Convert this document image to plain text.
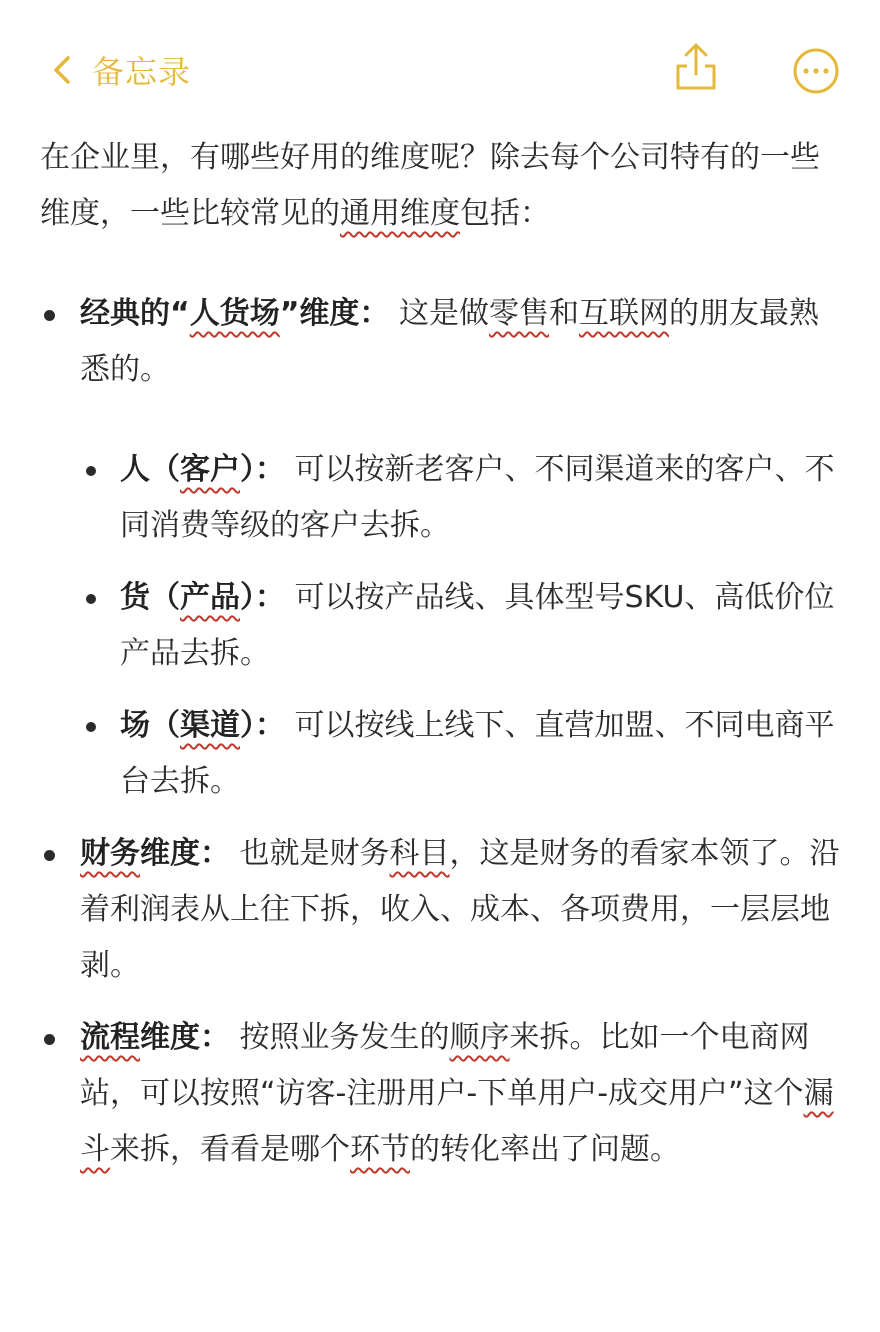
备忘录

在企业里，有哪些好用的维度呢？除去每个公司特有的一些维度，一些比较常见的通用维度包括：

经典的“人货场”维度： 这是做零售和互联网的朋友最熟悉的。
人（客户）： 可以按新老客户、不同渠道来的客户、不同消费等级的客户去拆。
货（产品）： 可以按产品线、具体型号SKU、高低价位产品去拆。
场（渠道）： 可以按线上线下、直营加盟、不同电商平台去拆。
财务维度： 也就是财务科目，这是财务的看家本领了。沿着利润表从上往下拆，收入、成本、各项费用，一层层地剥。
流程维度： 按照业务发生的顺序来拆。比如一个电商网站，可以按照“访客-注册用户-下单用户-成交用户”这个漏斗来拆，看看是哪个环节的转化率出了问题。
